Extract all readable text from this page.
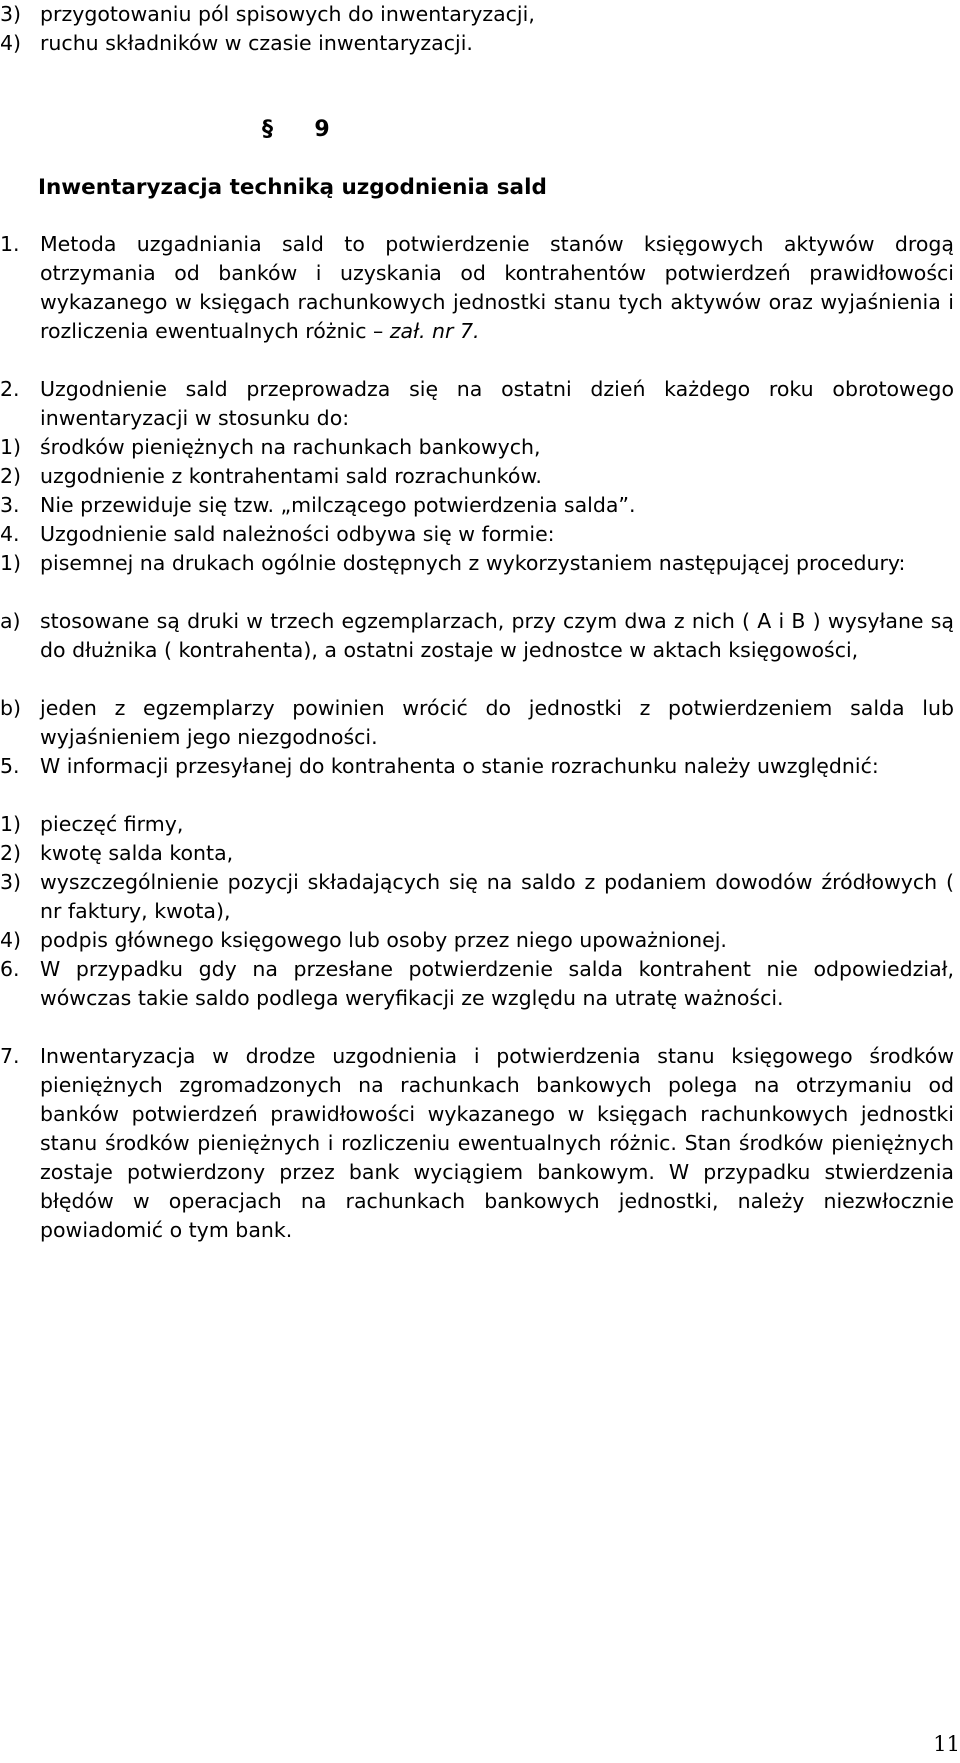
3) przygotowaniu pól spisowych do inwentaryzacji,
4) ruchu składników w czasie inwentaryzacji.
§ 9
Inwentaryzacja techniką uzgodnienia sald
1. Metoda uzgadniania sald to potwierdzenie stanów księgowych aktywów drogą otrzymania od banków i uzyskania od kontrahentów potwierdzeń prawidłowości wykazanego w księgach rachunkowych jednostki stanu tych aktywów oraz wyjaśnienia i rozliczenia ewentualnych różnic – zał. nr 7.
2. Uzgodnienie sald przeprowadza się na ostatni dzień każdego roku obrotowego inwentaryzacji w stosunku do:
1) środków pieniężnych na rachunkach bankowych,
2) uzgodnienie z kontrahentami sald rozrachunków.
3. Nie przewiduje się tzw. „milczącego potwierdzenia salda”.
4. Uzgodnienie sald należności odbywa się w formie:
1) pisemnej na drukach ogólnie dostępnych z wykorzystaniem następującej procedury:
a) stosowane są druki w trzech egzemplarzach, przy czym dwa z nich ( A i B ) wysyłane są do dłużnika ( kontrahenta), a ostatni zostaje w jednostce w aktach księgowości,
b) jeden z egzemplarzy powinien wrócić do jednostki z potwierdzeniem salda lub wyjaśnieniem jego niezgodności.
5. W informacji przesyłanej do kontrahenta o stanie rozrachunku należy uwzględnić:
1) pieczęć firmy,
2) kwotę salda konta,
3) wyszczególnienie pozycji składających się na saldo z podaniem dowodów źródłowych ( nr faktury, kwota),
4) podpis głównego księgowego lub osoby przez niego upoważnionej.
6. W przypadku gdy na przesłane potwierdzenie salda kontrahent nie odpowiedział, wówczas takie saldo podlega weryfikacji ze względu na utratę ważności.
7. Inwentaryzacja w drodze uzgodnienia i potwierdzenia stanu księgowego środków pieniężnych zgromadzonych na rachunkach bankowych polega na otrzymaniu od banków potwierdzeń prawidłowości wykazanego w księgach rachunkowych jednostki stanu środków pieniężnych i rozliczeniu ewentualnych różnic. Stan środków pieniężnych zostaje potwierdzony przez bank wyciągiem bankowym. W przypadku stwierdzenia błędów w operacjach na rachunkach bankowych jednostki, należy niezwłocznie powiadomić o tym bank.
11
